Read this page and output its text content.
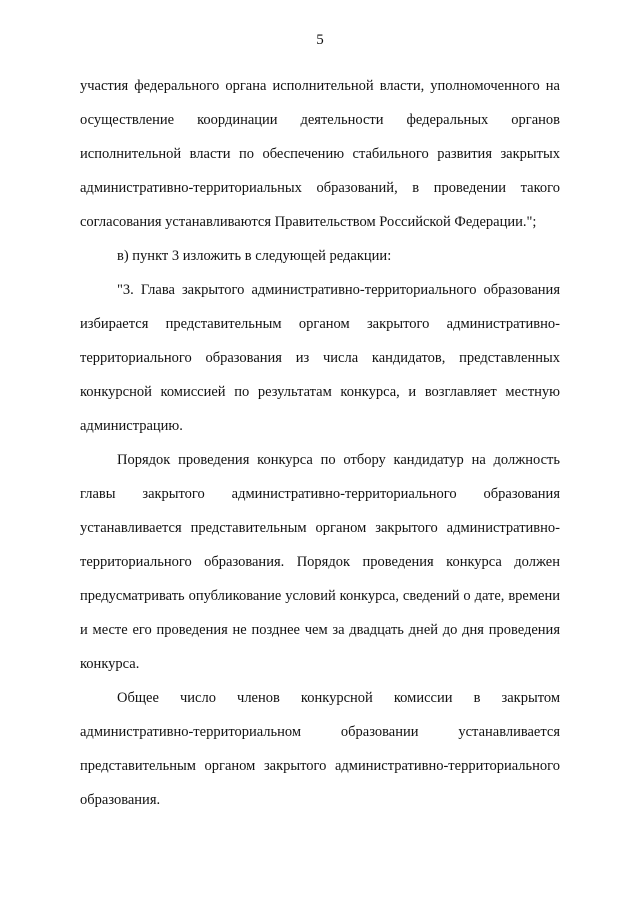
5

участия федерального органа исполнительной власти, уполномоченного на осуществление координации деятельности федеральных органов исполнительной власти по обеспечению стабильного развития закрытых административно-территориальных образований, в проведении такого согласования устанавливаются Правительством Российской Федерации.";

в) пункт 3 изложить в следующей редакции:

"3. Глава закрытого административно-территориального образования избирается представительным органом закрытого административно-территориального образования из числа кандидатов, представленных конкурсной комиссией по результатам конкурса, и возглавляет местную администрацию.

Порядок проведения конкурса по отбору кандидатур на должность главы закрытого административно-территориального образования устанавливается представительным органом закрытого административно-территориального образования. Порядок проведения конкурса должен предусматривать опубликование условий конкурса, сведений о дате, времени и месте его проведения не позднее чем за двадцать дней до дня проведения конкурса.

Общее число членов конкурсной комиссии в закрытом административно-территориальном образовании устанавливается представительным органом закрытого административно-территориального образования.
